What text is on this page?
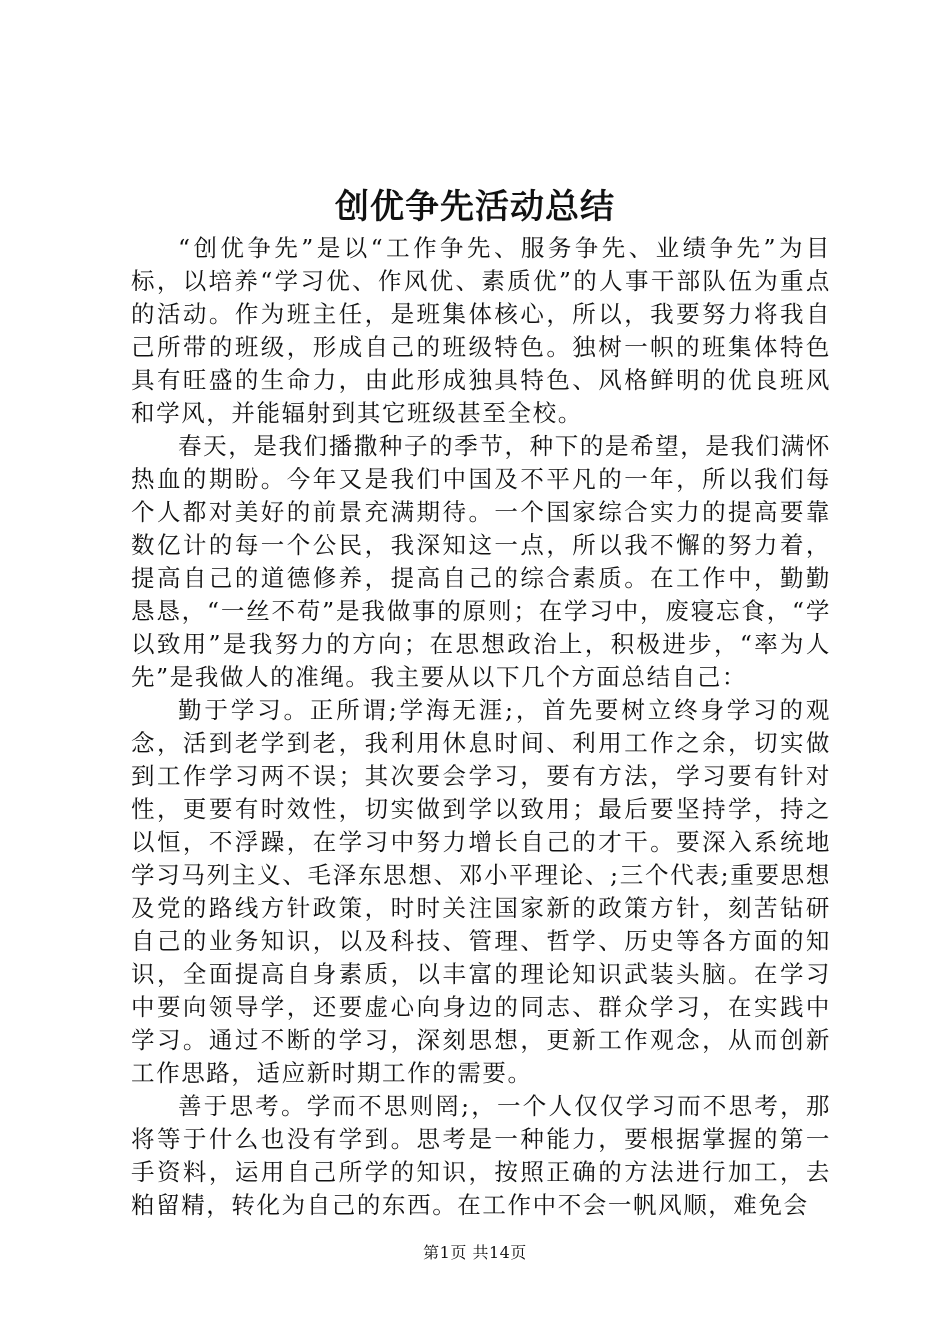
创优争先活动总结

“创优争先”是以“工作争先、服务争先、业绩争先”为目标，以培养“学习优、作风优、素质优”的人事干部队伍为重点的活动。作为班主任，是班集体核心，所以，我要努力将我自己所带的班级，形成自己的班级特色。独树一帜的班集体特色具有旺盛的生命力，由此形成独具特色、风格鲜明的优良班风和学风，并能辐射到其它班级甚至全校。

春天，是我们播撒种子的季节，种下的是希望，是我们满怀热血的期盼。今年又是我们中国及不平凡的一年，所以我们每个人都对美好的前景充满期待。一个国家综合实力的提高要靠数亿计的每一个公民，我深知这一点，所以我不懈的努力着，提高自己的道德修养，提高自己的综合素质。在工作中，勤勤恳恳，“一丝不苟”是我做事的原则；在学习中，废寝忘食，“学以致用”是我努力的方向；在思想政治上，积极进步，“率为人先”是我做人的准绳。我主要从以下几个方面总结自己：

勤于学习。正所谓;学海无涯;，首先要树立终身学习的观念，活到老学到老，我利用休息时间、利用工作之余，切实做到工作学习两不误；其次要会学习，要有方法，学习要有针对性，更要有时效性，切实做到学以致用；最后要坚持学，持之以恒，不浮躁，在学习中努力增长自己的才干。要深入系统地学习马列主义、毛泽东思想、邓小平理论、;三个代表;重要思想及党的路线方针政策，时时关注国家新的政策方针，刻苦钻研自己的业务知识，以及科技、管理、哲学、历史等各方面的知识，全面提高自身素质，以丰富的理论知识武装头脑。在学习中要向领导学，还要虚心向身边的同志、群众学习，在实践中学习。通过不断的学习，深刻思想，更新工作观念，从而创新工作思路，适应新时期工作的需要。

善于思考。学而不思则罔;，一个人仅仅学习而不思考，那将等于什么也没有学到。思考是一种能力，要根据掌握的第一手资料，运用自己所学的知识，按照正确的方法进行加工，去粕留精，转化为自己的东西。在工作中不会一帆风顺，难免会

第1页 共14页
